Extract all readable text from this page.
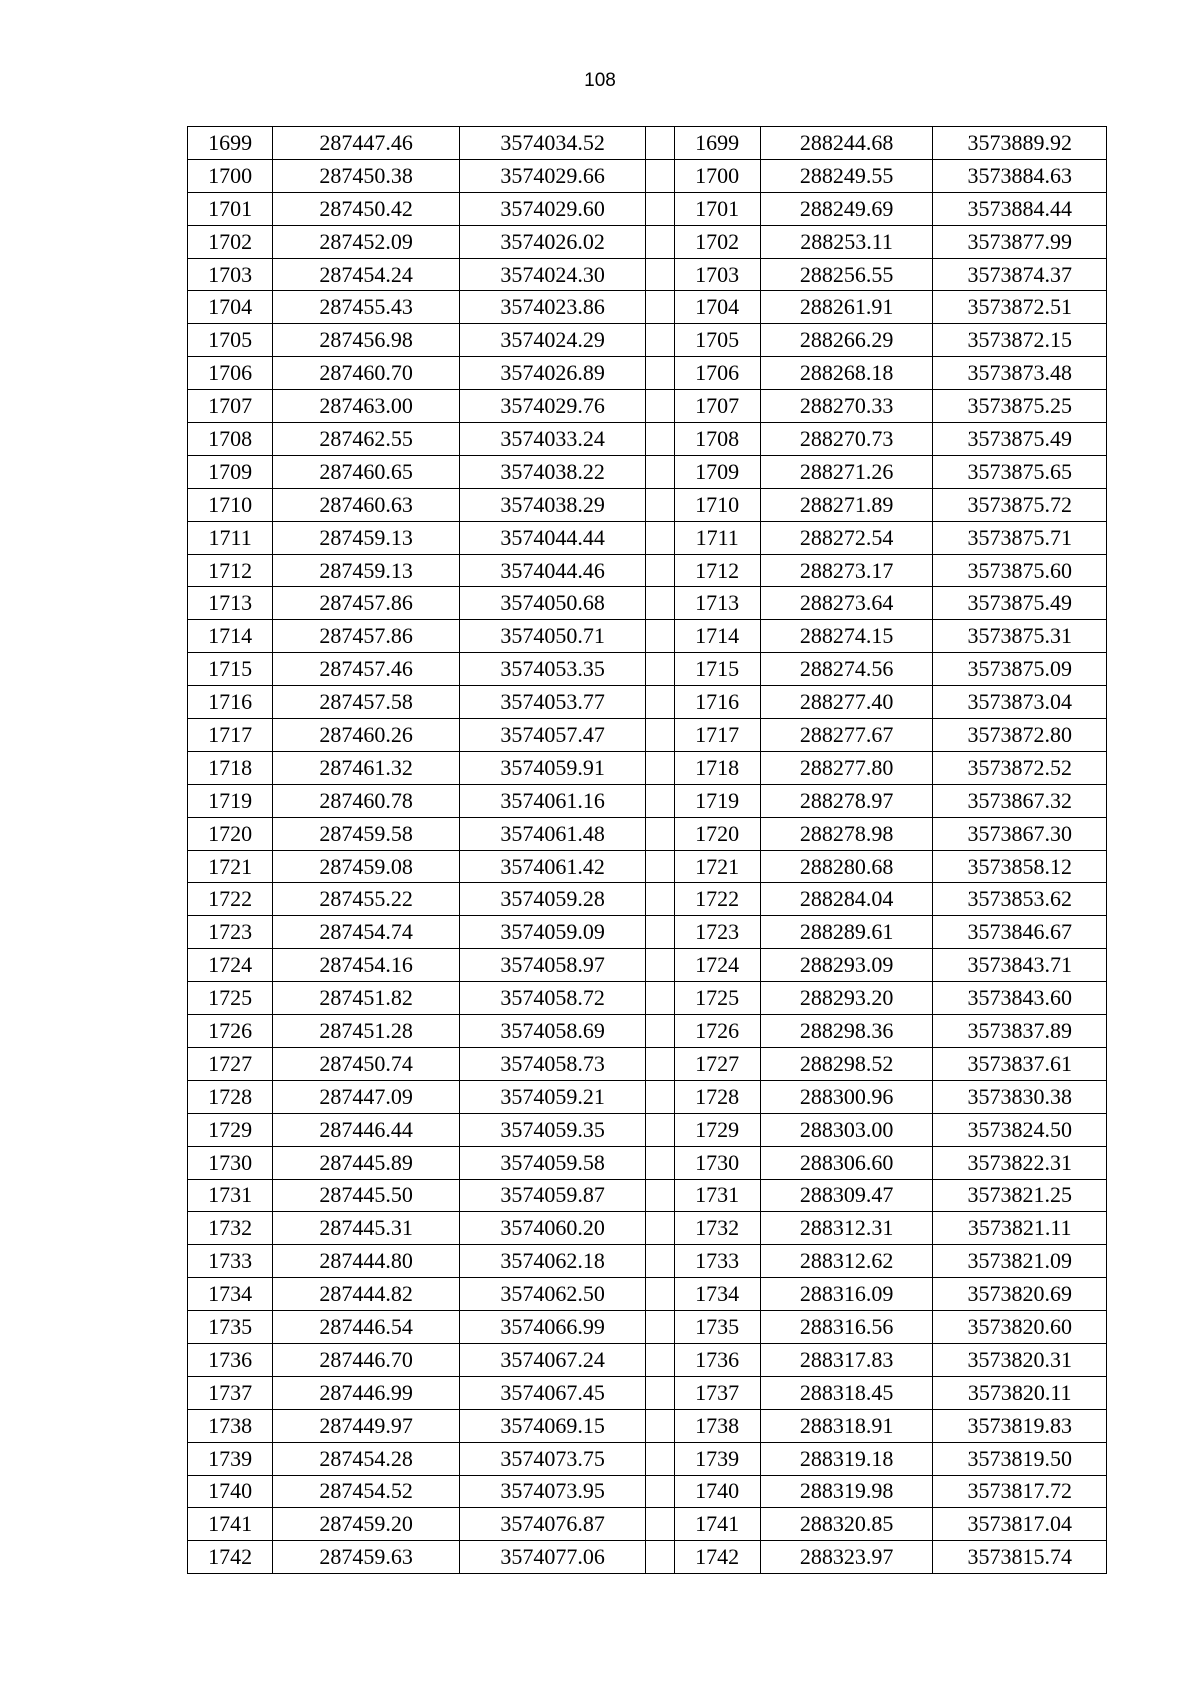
108
1699	287447.46	3574034.52		1699	288244.68	3573889.92
1700	287450.38	3574029.66		1700	288249.55	3573884.63
1701	287450.42	3574029.60		1701	288249.69	3573884.44
1702	287452.09	3574026.02		1702	288253.11	3573877.99
1703	287454.24	3574024.30		1703	288256.55	3573874.37
1704	287455.43	3574023.86		1704	288261.91	3573872.51
1705	287456.98	3574024.29		1705	288266.29	3573872.15
1706	287460.70	3574026.89		1706	288268.18	3573873.48
1707	287463.00	3574029.76		1707	288270.33	3573875.25
1708	287462.55	3574033.24		1708	288270.73	3573875.49
1709	287460.65	3574038.22		1709	288271.26	3573875.65
1710	287460.63	3574038.29		1710	288271.89	3573875.72
1711	287459.13	3574044.44		1711	288272.54	3573875.71
1712	287459.13	3574044.46		1712	288273.17	3573875.60
1713	287457.86	3574050.68		1713	288273.64	3573875.49
1714	287457.86	3574050.71		1714	288274.15	3573875.31
1715	287457.46	3574053.35		1715	288274.56	3573875.09
1716	287457.58	3574053.77		1716	288277.40	3573873.04
1717	287460.26	3574057.47		1717	288277.67	3573872.80
1718	287461.32	3574059.91		1718	288277.80	3573872.52
1719	287460.78	3574061.16		1719	288278.97	3573867.32
1720	287459.58	3574061.48		1720	288278.98	3573867.30
1721	287459.08	3574061.42		1721	288280.68	3573858.12
1722	287455.22	3574059.28		1722	288284.04	3573853.62
1723	287454.74	3574059.09		1723	288289.61	3573846.67
1724	287454.16	3574058.97		1724	288293.09	3573843.71
1725	287451.82	3574058.72		1725	288293.20	3573843.60
1726	287451.28	3574058.69		1726	288298.36	3573837.89
1727	287450.74	3574058.73		1727	288298.52	3573837.61
1728	287447.09	3574059.21		1728	288300.96	3573830.38
1729	287446.44	3574059.35		1729	288303.00	3573824.50
1730	287445.89	3574059.58		1730	288306.60	3573822.31
1731	287445.50	3574059.87		1731	288309.47	3573821.25
1732	287445.31	3574060.20		1732	288312.31	3573821.11
1733	287444.80	3574062.18		1733	288312.62	3573821.09
1734	287444.82	3574062.50		1734	288316.09	3573820.69
1735	287446.54	3574066.99		1735	288316.56	3573820.60
1736	287446.70	3574067.24		1736	288317.83	3573820.31
1737	287446.99	3574067.45		1737	288318.45	3573820.11
1738	287449.97	3574069.15		1738	288318.91	3573819.83
1739	287454.28	3574073.75		1739	288319.18	3573819.50
1740	287454.52	3574073.95		1740	288319.98	3573817.72
1741	287459.20	3574076.87		1741	288320.85	3573817.04
1742	287459.63	3574077.06		1742	288323.97	3573815.74
